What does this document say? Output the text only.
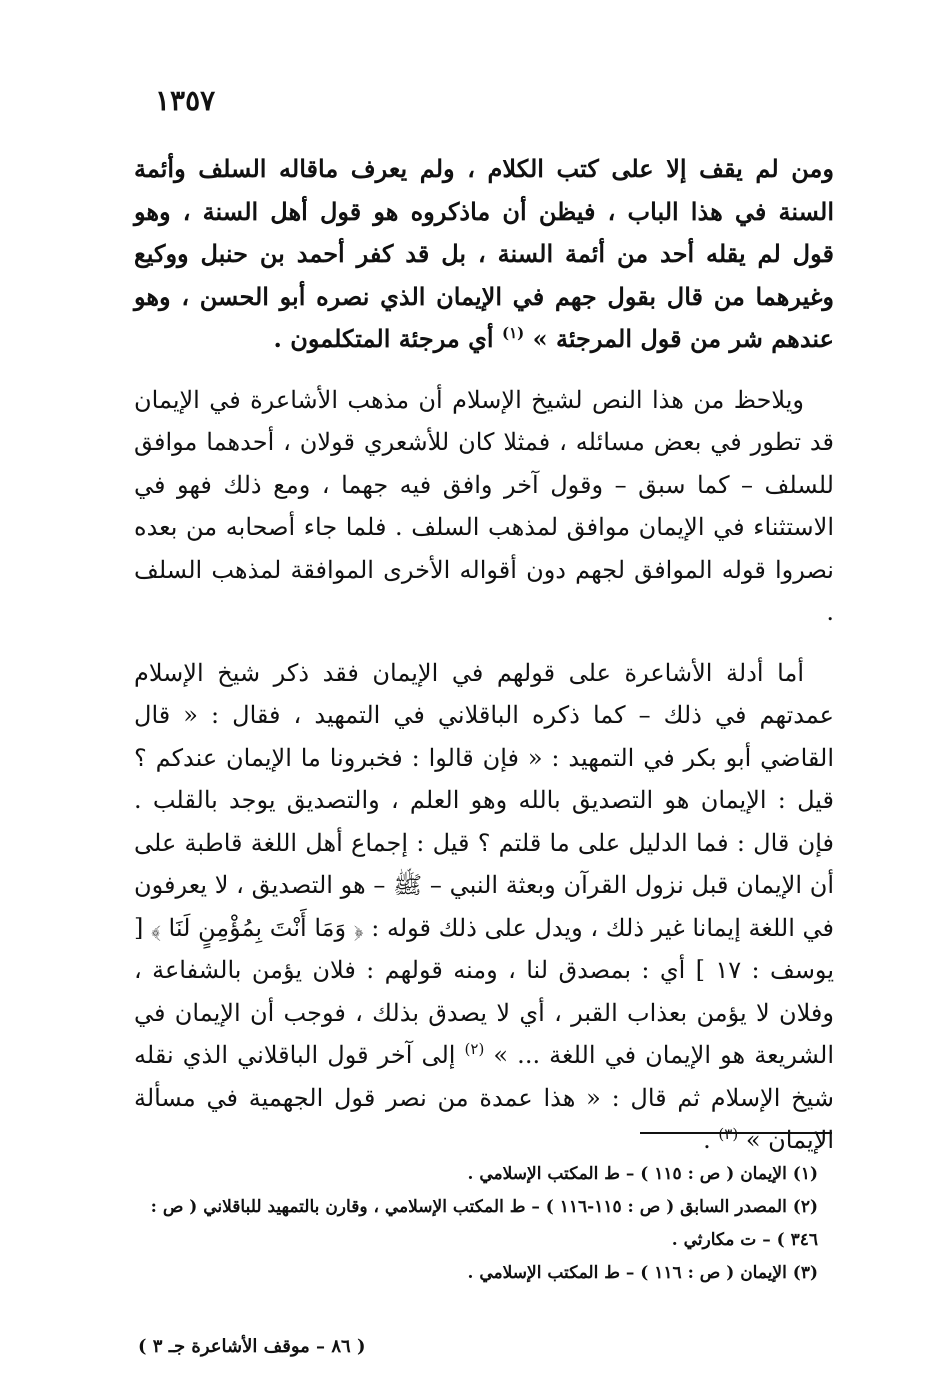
١٣٥٧

ومن لم يقف إلا على كتب الكلام ، ولم يعرف ماقاله السلف وأئمة السنة في هذا الباب ، فيظن أن ماذكروه هو قول أهل السنة ، وهو قول لم يقله أحد من أئمة السنة ، بل قد كفر أحمد بن حنبل ووكيع وغيرهما من قال بقول جهم في الإيمان الذي نصره أبو الحسن ، وهو عندهم شر من قول المرجئة » $^{(١)}$ أي مرجئة المتكلمون .

ويلاحظ من هذا النص لشيخ الإسلام أن مذهب الأشاعرة في الإيمان قد تطور في بعض مسائله ، فمثلا كان للأشعري قولان ، أحدهما موافق للسلف – كما سبق – وقول آخر وافق فيه جهما ، ومع ذلك فهو في الاستثناء في الإيمان موافق لمذهب السلف . فلما جاء أصحابه من بعده نصروا قوله الموافق لجهم دون أقواله الأخرى الموافقة لمذهب السلف .

أما أدلة الأشاعرة على قولهم في الإيمان فقد ذكر شيخ الإسلام عمدتهم في ذلك – كما ذكره الباقلاني في التمهيد ، فقال : « قال القاضي أبو بكر في التمهيد : « فإن قالوا : فخبرونا ما الإيمان عندكم ؟ قيل : الإيمان هو التصديق بالله وهو العلم ، والتصديق يوجد بالقلب . فإن قال : فما الدليل على ما قلتم ؟ قيل : إجماع أهل اللغة قاطبة على أن الإيمان قبل نزول القرآن وبعثة النبي – ﷺ – هو التصديق ، لا يعرفون في اللغة إيمانا غير ذلك ، ويدل على ذلك قوله : ﴿ وَمَا أَنْتَ بِمُؤْمِنٍ لَنَا ﴾ [ يوسف : ١٧ ] أي : بمصدق لنا ، ومنه قولهم : فلان يؤمن بالشفاعة ، وفلان لا يؤمن بعذاب القبر ، أي لا يصدق بذلك ، فوجب أن الإيمان في الشريعة هو الإيمان في اللغة ... » $^{(٢)}$ إلى آخر قول الباقلاني الذي نقله شيخ الإسلام ثم قال : « هذا عمدة من نصر قول الجهمية في مسألة الإيمان » $^{(٣)}$ .

(١) الإيمان ( ص : ١١٥ ) – ط المكتب الإسلامي .
(٢) المصدر السابق ( ص : ١١٥-١١٦ ) – ط المكتب الإسلامي ، وقارن بالتمهيد للباقلاني ( ص : ٣٤٦ ) – ت مكارثي .
(٣) الإيمان ( ص : ١١٦ ) – ط المكتب الإسلامي .
( ٨٦ – موقف الأشاعرة جـ ٣ )
